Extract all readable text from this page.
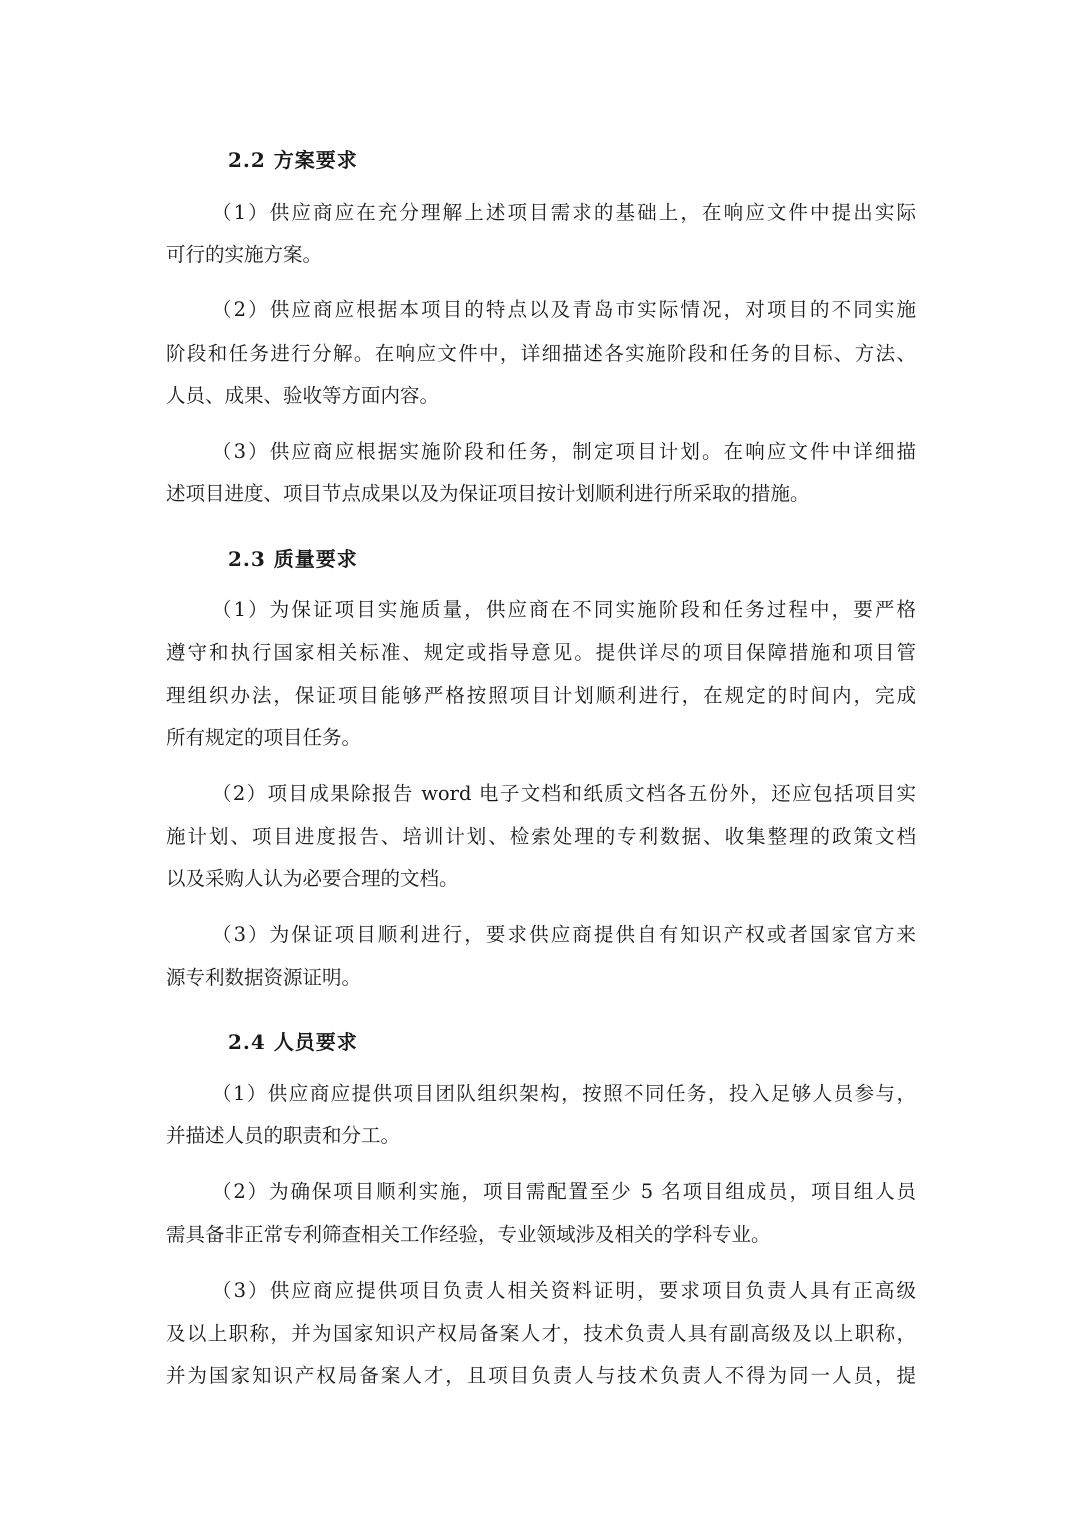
2.2 方案要求
（1）供应商应在充分理解上述项目需求的基础上，在响应文件中提出实际
可行的实施方案。
（2）供应商应根据本项目的特点以及青岛市实际情况，对项目的不同实施
阶段和任务进行分解。在响应文件中，详细描述各实施阶段和任务的目标、方法、
人员、成果、验收等方面内容。
（3）供应商应根据实施阶段和任务，制定项目计划。在响应文件中详细描
述项目进度、项目节点成果以及为保证项目按计划顺利进行所采取的措施。
2.3 质量要求
（1）为保证项目实施质量，供应商在不同实施阶段和任务过程中，要严格
遵守和执行国家相关标准、规定或指导意见。提供详尽的项目保障措施和项目管
理组织办法，保证项目能够严格按照项目计划顺利进行，在规定的时间内，完成
所有规定的项目任务。
（2）项目成果除报告 word 电子文档和纸质文档各五份外，还应包括项目实
施计划、项目进度报告、培训计划、检索处理的专利数据、收集整理的政策文档
以及采购人认为必要合理的文档。
（3）为保证项目顺利进行，要求供应商提供自有知识产权或者国家官方来
源专利数据资源证明。
2.4 人员要求
（1）供应商应提供项目团队组织架构，按照不同任务，投入足够人员参与，
并描述人员的职责和分工。
（2）为确保项目顺利实施，项目需配置至少 5 名项目组成员，项目组人员
需具备非正常专利筛查相关工作经验，专业领域涉及相关的学科专业。
（3）供应商应提供项目负责人相关资料证明，要求项目负责人具有正高级
及以上职称，并为国家知识产权局备案人才，技术负责人具有副高级及以上职称，
并为国家知识产权局备案人才，且项目负责人与技术负责人不得为同一人员，提
